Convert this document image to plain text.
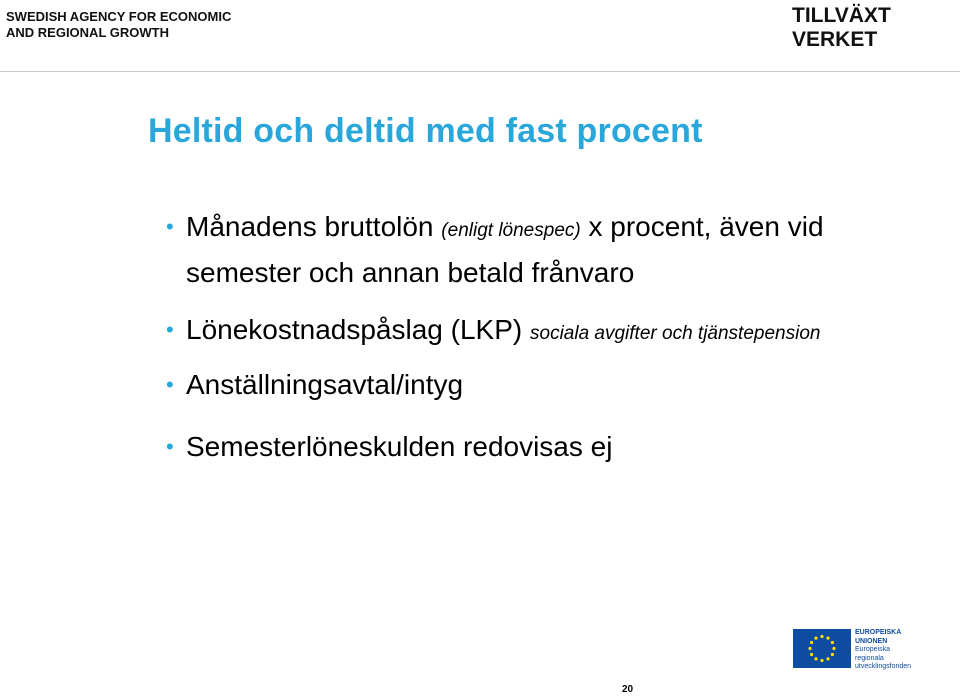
SWEDISH AGENCY FOR ECONOMIC
AND REGIONAL GROWTH
TILLVÄXT
VERKET
Heltid och deltid med fast procent
• Månadens bruttolön (enligt lönespec) x procent, även vid semester och annan betald frånvaro
• Lönekostnadspåslag (LKP) sociala avgifter och tjänstepension
• Anställningsavtal/intyg
• Semesterlöneskulden redovisas ej
EUROPEISKA
UNIONEN
Europeiska
regionala
utvecklingsfonden
20
